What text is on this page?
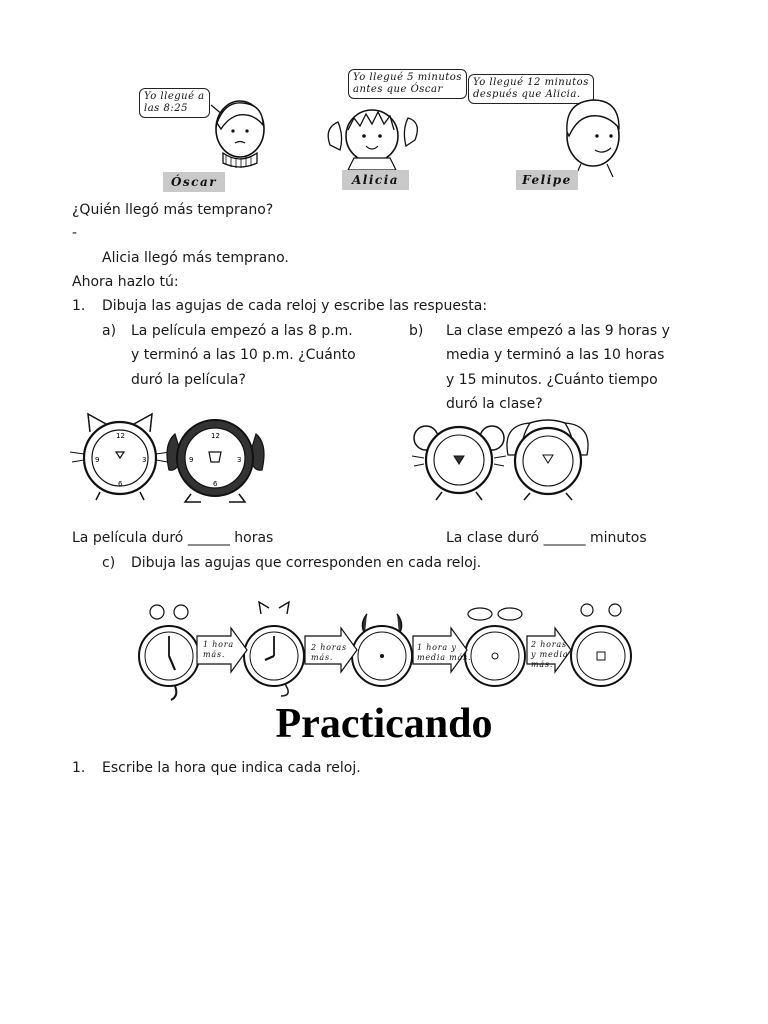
Yo llegué a
las 8:25
Yo llegué 5 minutos
antes que Óscar
Yo llegué 12 minutos
después que Alicia.
Óscar	Alicia	Felipe
¿Quién llegó más temprano?
-
Alicia llegó más temprano.
Ahora hazlo tú:
1. Dibuja las agujas de cada reloj y escribe las respuesta:
a) La película empezó a las 8 p.m.
y terminó a las 10 p.m. ¿Cuánto
duró la película?
b) La clase empezó a las 9 horas y
media y terminó a las 10 horas
y 15 minutos. ¿Cuánto tiempo
duró la clase?
12
3
6
9
12
3
6
9
La película duró ______ horas	La clase duró ______ minutos
c) Dibuja las agujas que corresponden en cada reloj.
1 hora
más.
2 horas
más.
1 hora y
media más.
2 horas
y media
más.
Practicando
1. Escribe la hora que indica cada reloj.
